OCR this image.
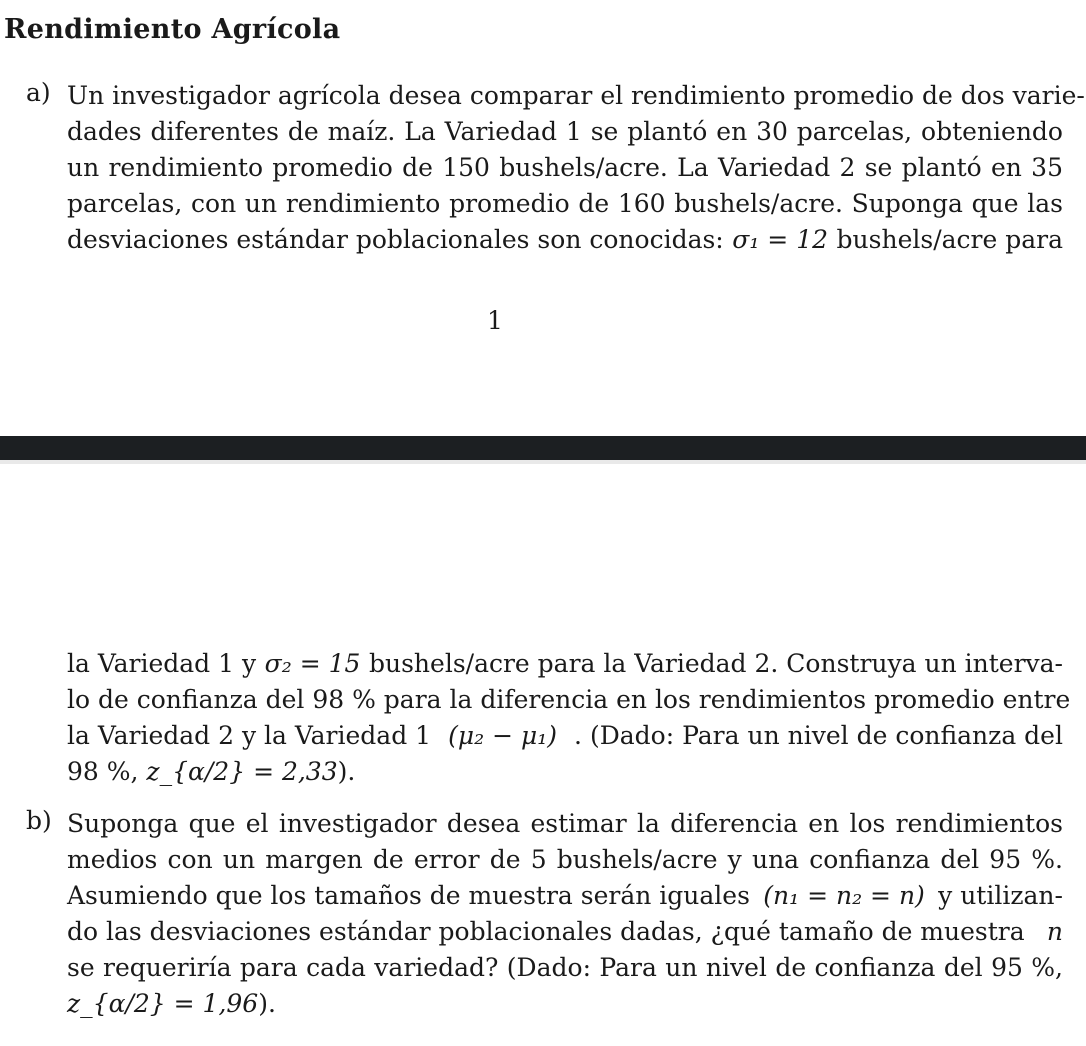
Rendimiento Agrícola
a) Un investigador agrícola desea comparar el rendimiento promedio de dos varie-
dades diferentes de maíz. La Variedad 1 se plantó en 30 parcelas, obteniendo
un rendimiento promedio de 150 bushels/acre. La Variedad 2 se plantó en 35
parcelas, con un rendimiento promedio de 160 bushels/acre. Suponga que las
desviaciones estándar poblacionales son conocidas: σ₁ = 12 bushels/acre para
1
la Variedad 1 y σ₂ = 15 bushels/acre para la Variedad 2. Construya un interva-
lo de confianza del 98 % para la diferencia en los rendimientos promedio entre
la Variedad 2 y la Variedad 1 (μ₂ − μ₁) . (Dado: Para un nivel de confianza del
98 %, z_{α/2} = 2,33).
b) Suponga que el investigador desea estimar la diferencia en los rendimientos
medios con un margen de error de 5 bushels/acre y una confianza del 95 %.
Asumiendo que los tamaños de muestra serán iguales (n₁ = n₂ = n) y utilizan-
do las desviaciones estándar poblacionales dadas, ¿qué tamaño de muestra n
se requeriría para cada variedad? (Dado: Para un nivel de confianza del 95 %,
z_{α/2} = 1,96).
